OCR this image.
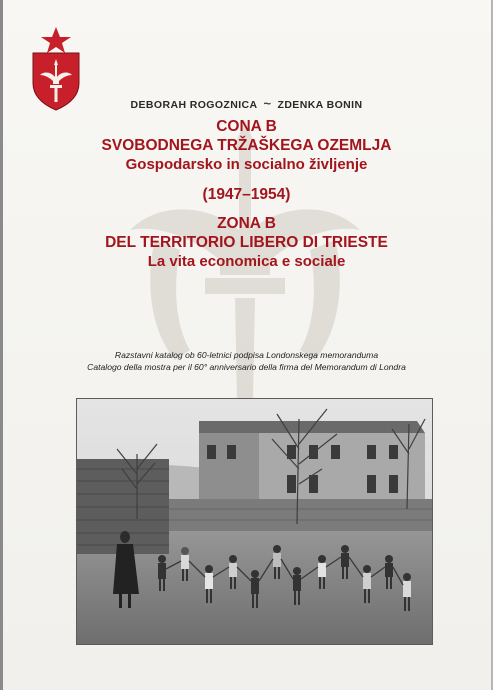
DEBORAH ROGOZNICA ~ ZDENKA BONIN
CONA B
SVOBODNEGA TRŽAŠKEGA OZEMLJA
Gospodarsko in socialno življenje
(1947–1954)
ZONA B
DEL TERRITORIO LIBERO DI TRIESTE
La vita economica e sociale
Razstavni katalog ob 60-letnici podpisa Londonskega memoranduma
Catalogo della mostra per il 60° anniversario della firma del Memorandum di Londra
